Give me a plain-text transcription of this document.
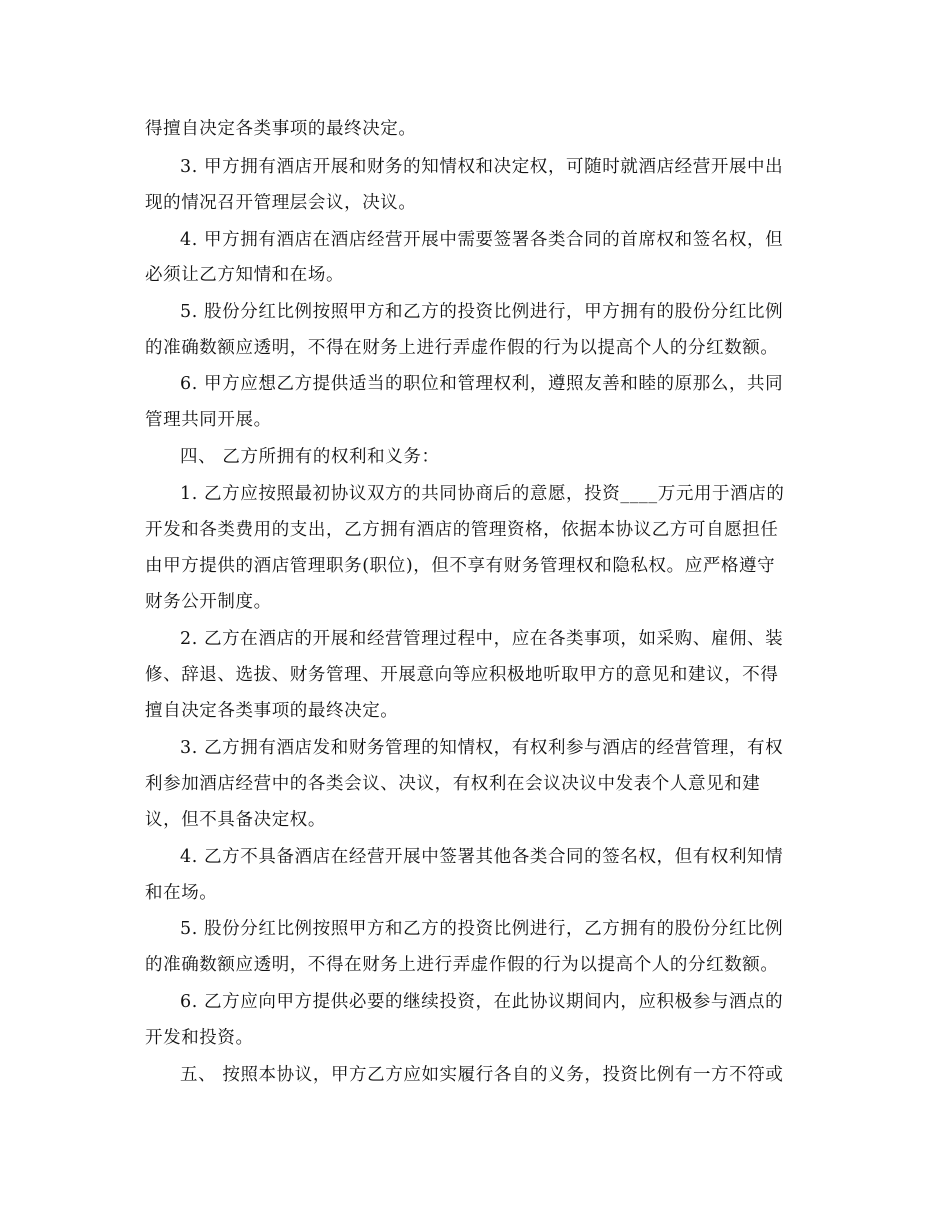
得擅自决定各类事项的最终决定。
3. 甲方拥有酒店开展和财务的知情权和决定权，可随时就酒店经营开展中出
现的情况召开管理层会议，决议。
4. 甲方拥有酒店在酒店经营开展中需要签署各类合同的首席权和签名权，但
必须让乙方知情和在场。
5. 股份分红比例按照甲方和乙方的投资比例进行，甲方拥有的股份分红比例
的准确数额应透明，不得在财务上进行弄虚作假的行为以提高个人的分红数额。
6. 甲方应想乙方提供适当的职位和管理权利，遵照友善和睦的原那么，共同
管理共同开展。
四、 乙方所拥有的权利和义务：
1. 乙方应按照最初协议双方的共同协商后的意愿，投资____万元用于酒店的
开发和各类费用的支出，乙方拥有酒店的管理资格，依据本协议乙方可自愿担任
由甲方提供的酒店管理职务(职位)，但不享有财务管理权和隐私权。应严格遵守
财务公开制度。
2. 乙方在酒店的开展和经营管理过程中，应在各类事项，如采购、雇佣、装
修、辞退、选拔、财务管理、开展意向等应积极地听取甲方的意见和建议，不得
擅自决定各类事项的最终决定。
3. 乙方拥有酒店发和财务管理的知情权，有权利参与酒店的经营管理，有权
利参加酒店经营中的各类会议、决议，有权利在会议决议中发表个人意见和建
议，但不具备决定权。
4. 乙方不具备酒店在经营开展中签署其他各类合同的签名权，但有权利知情
和在场。
5. 股份分红比例按照甲方和乙方的投资比例进行，乙方拥有的股份分红比例
的准确数额应透明，不得在财务上进行弄虚作假的行为以提高个人的分红数额。
6. 乙方应向甲方提供必要的继续投资，在此协议期间内，应积极参与酒点的
开发和投资。
五、 按照本协议，甲方乙方应如实履行各自的义务，投资比例有一方不符或
